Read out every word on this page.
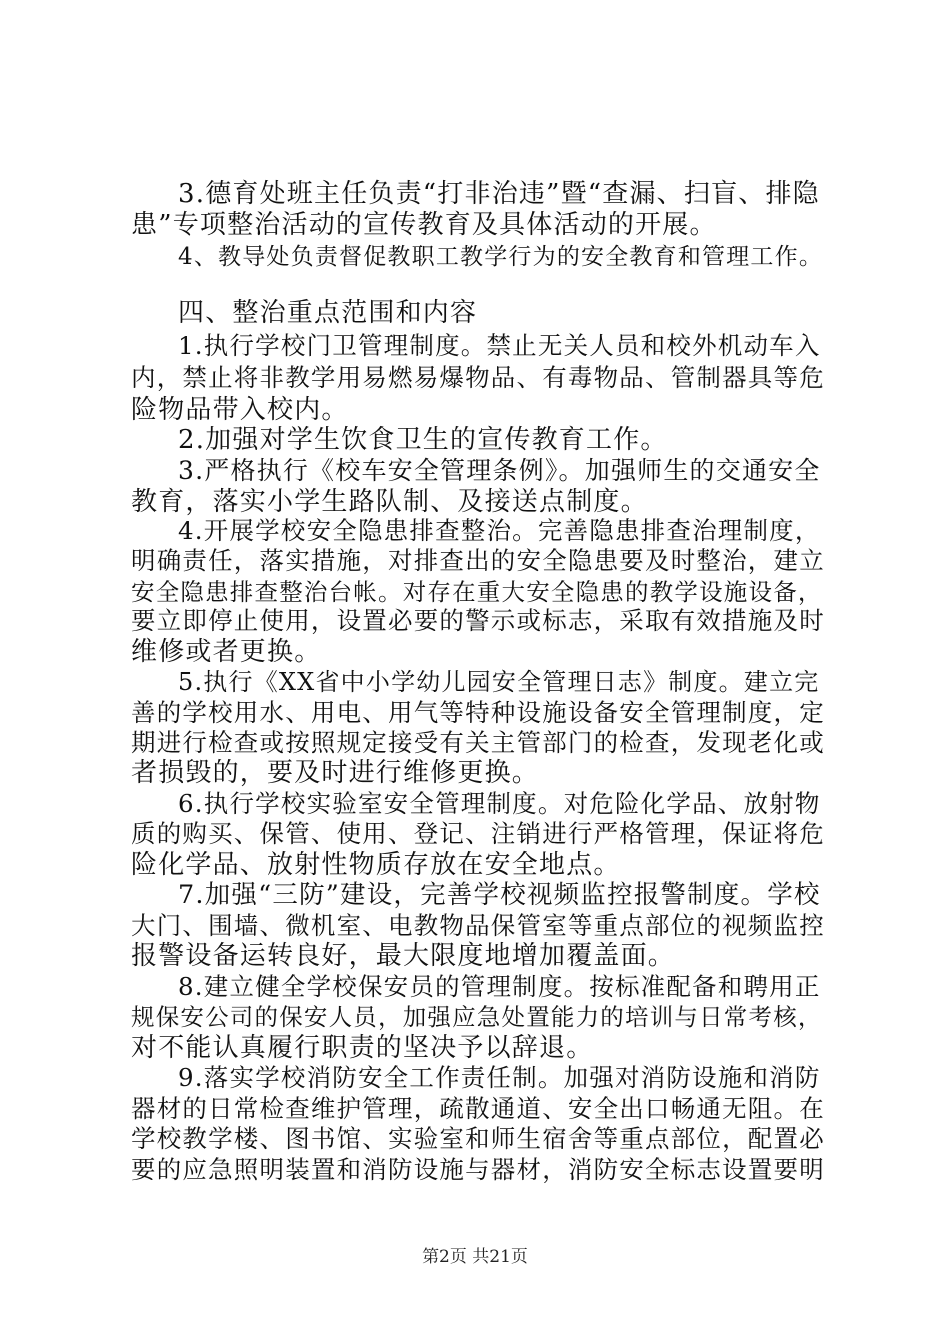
3.德育处班主任负责“打非治违”暨“查漏、扫盲、排隐
患”专项整治活动的宣传教育及具体活动的开展。
4、教导处负责督促教职工教学行为的安全教育和管理工作。
四、整治重点范围和内容
1.执行学校门卫管理制度。禁止无关人员和校外机动车入
内，禁止将非教学用易燃易爆物品、有毒物品、管制器具等危
险物品带入校内。
2.加强对学生饮食卫生的宣传教育工作。
3.严格执行《校车安全管理条例》。加强师生的交通安全
教育，落实小学生路队制、及接送点制度。
4.开展学校安全隐患排查整治。完善隐患排查治理制度，
明确责任，落实措施，对排查出的安全隐患要及时整治，建立
安全隐患排查整治台帐。对存在重大安全隐患的教学设施设备，
要立即停止使用，设置必要的警示或标志，采取有效措施及时
维修或者更换。
5.执行《XX省中小学幼儿园安全管理日志》制度。建立完
善的学校用水、用电、用气等特种设施设备安全管理制度，定
期进行检查或按照规定接受有关主管部门的检查，发现老化或
者损毁的，要及时进行维修更换。
6.执行学校实验室安全管理制度。对危险化学品、放射物
质的购买、保管、使用、登记、注销进行严格管理，保证将危
险化学品、放射性物质存放在安全地点。
7.加强“三防”建设，完善学校视频监控报警制度。学校
大门、围墙、微机室、电教物品保管室等重点部位的视频监控
报警设备运转良好，最大限度地增加覆盖面。
8.建立健全学校保安员的管理制度。按标准配备和聘用正
规保安公司的保安人员，加强应急处置能力的培训与日常考核，
对不能认真履行职责的坚决予以辞退。
9.落实学校消防安全工作责任制。加强对消防设施和消防
器材的日常检查维护管理，疏散通道、安全出口畅通无阻。在
学校教学楼、图书馆、实验室和师生宿舍等重点部位，配置必
要的应急照明装置和消防设施与器材，消防安全标志设置要明
第2页 共21页
